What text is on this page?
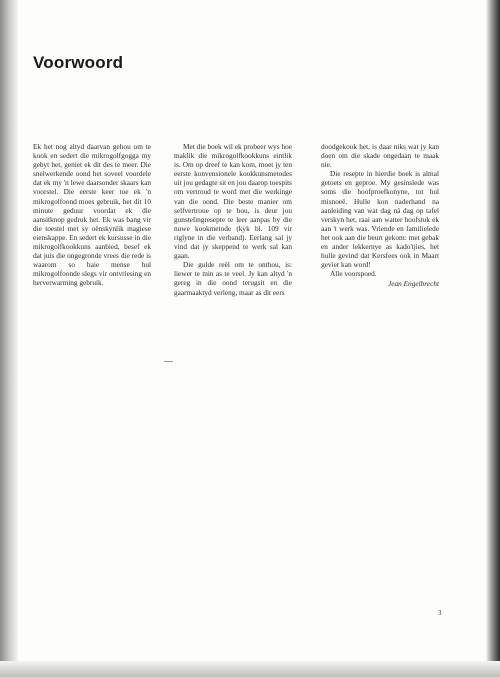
Voorwoord

Ek het nog altyd daarvan gehou om te kook en sedert die mikrogolfgogga my gebyt het, geniet ek dit des te meer. Die snelwerkende oond het soveel voordele dat ek my 'n lewe daarsonder skaars kan voorstel. Die eerste keer toe ek 'n mikrogolfoond moes gebruik, het dit 10 minute geduur voordat ek die aansitknop gedruk het. Ek was bang vir die toestel met sy oënskynlik magiese eienskappe. En sedert ek kursusse in die mikrogolfkookkuns aanbied, besef ek dat juis die ongegronde vrees die rede is waarom so baie mense hul mikrogolfoonde slegs vir ontvriesing en herverwarming gebruik.

Met die boek wil ek probeer wys hoe maklik die mikrogolfkookkuns eintlik is. Om op dreef te kan kom, moet jy ten eerste konvensionele kookkunsmetodes uit jou gedagte sit en jou daarop toespits om vertroud te word met die werkinge van die oond. Die beste manier om selfvertroue op te bou, is deur jou gunstelingresepte te leer aanpas by die nuwe kookmetode (kyk bl. 109 vir riglyne in die verband). Eerlang sal jy vind dat jy skeppend te werk sal kan gaan.

Die gulde reël om te onthou, is: liewer te min as te veel. Jy kan altyd 'n gereg in die oond terugsit en die gaarmaaktyd verleng, maar as dit eers

doodgekook het, is daar niks wat jy kan doen om die skade ongedaan te maak nie.

Die resepte in hierdie boek is almal getoets en geproe. My gesinslede was soms die hoofproefkonyne, tot hul misnoeë. Hulle kon naderhand na aanleiding van wat dag ná dag op tafel verskyn het, raai aan watter hoofstuk ek aan 't werk was. Vriende en familielede het ook aan die beurt gekom: met gebak en ander lekkernye as kado'tjies, het hulle gevind dat Kersfees ook in Maart gevier kan word!

Alle voorspoed.

Jean Engelbrecht

3
